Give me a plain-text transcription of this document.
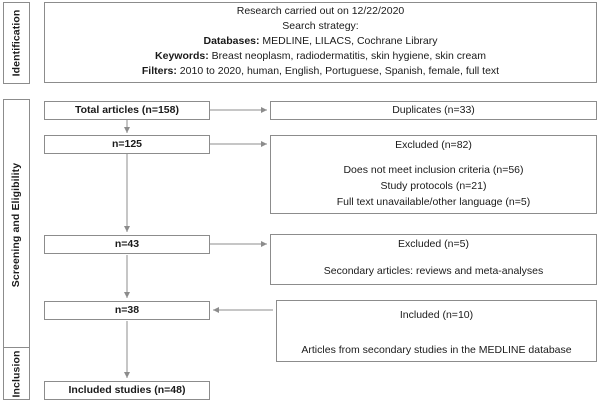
Identification
Screening and Eligibility
Inclusion
Research carried out on 12/22/2020
Search strategy:
Databases: MEDLINE, LILACS, Cochrane Library
Keywords: Breast neoplasm, radiodermatitis, skin hygiene, skin cream
Filters: 2010 to 2020, human, English, Portuguese, Spanish, female, full text
Total articles (n=158)
n=125
n=43
n=38
Included studies (n=48)
Duplicates (n=33)
Excluded (n=82)
Does not meet inclusion criteria (n=56)
Study protocols (n=21)
Full text unavailable/other language (n=5)
Excluded (n=5)
Secondary articles: reviews and meta-analyses
Included (n=10)
Articles from secondary studies in the MEDLINE database
